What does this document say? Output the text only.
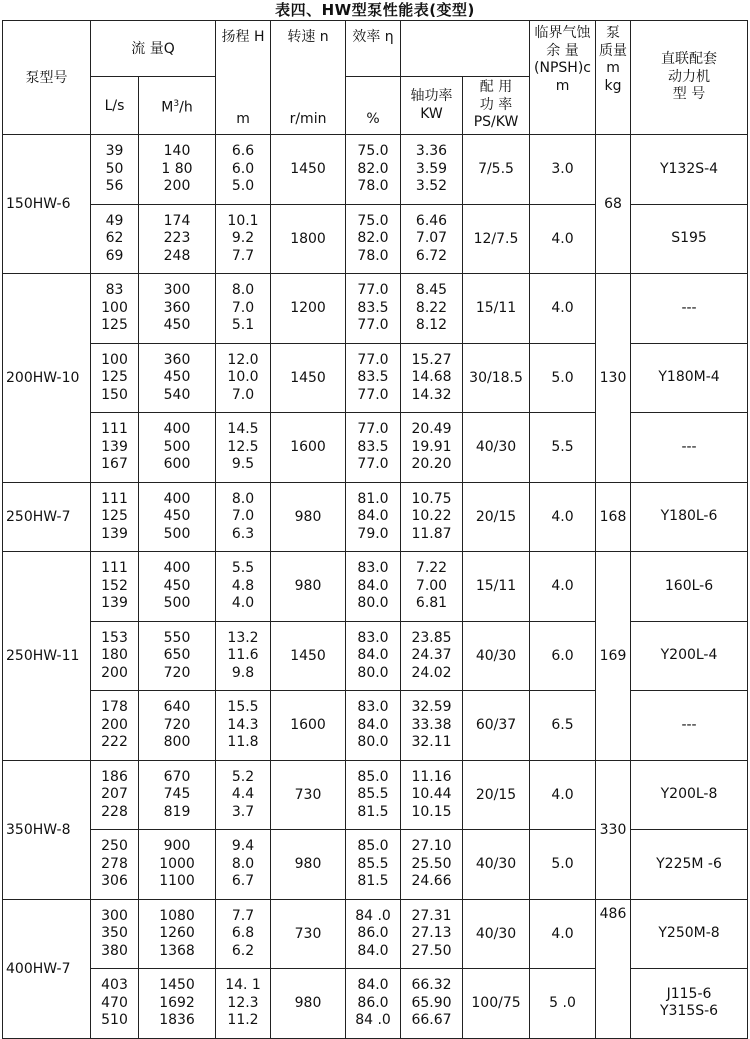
表四、HW型泵性能表(变型)
泵型号	流 量Q		扬程 H
m	转速 n
r/min	效率 η			临界气蚀
余 量
(NPSH)c
m	泵
质量
m
kg	直联配套
动力机
型 号

	L/s	$M^3/h$			%	轴功率
KW	配 用
功 率
PS/KW			

150HW-6	39
50
56	140
1 80
200	6.6
6.0
5.0	1450	75.0
82.0
78.0	3.36
3.59
3.52	7/5.5	3.0	68	Y132S-4

	49
62
69	174
223
248	10.1
9.2
7.7	1800	75.0
82.0
78.0	6.46
7.07
6.72	12/7.5	4.0		S195

200HW-10	83
100
125	300
360
450	8.0
7.0
5.1	1200	77.0
83.5
77.0	8.45
8.22
8.12	15/11	4.0	130	---

	100
125
150	360
450
540	12.0
10.0
7.0	1450	77.0
83.5
77.0	15.27
14.68
14.32	30/18.5	5.0		Y180M-4

	111
139
167	400
500
600	14.5
12.5
9.5	1600	77.0
83.5
77.0	20.49
19.91
20.20	40/30	5.5		---

250HW-7	111
125
139	400
450
500	8.0
7.0
6.3	980	81.0
84.0
79.0	10.75
10.22
11.87	20/15	4.0	168	Y180L-6

250HW-11	111
152
139	400
450
500	5.5
4.8
4.0	980	83.0
84.0
80.0	7.22
7.00
6.81	15/11	4.0	169	160L-6

	153
180
200	550
650
720	13.2
11.6
9.8	1450	83.0
84.0
80.0	23.85
24.37
24.02	40/30	6.0		Y200L-4

	178
200
222	640
720
800	15.5
14.3
11.8	1600	83.0
84.0
80.0	32.59
33.38
32.11	60/37	6.5		---

350HW-8	186
207
228	670
745
819	5.2
4.4
3.7	730	85.0
85.5
81.5	11.16
10.44
10.15	20/15	4.0	330	Y200L-8

	250
278
306	900
1000
1100	9.4
8.0
6.7	980	85.0
85.5
81.5	27.10
25.50
24.66	40/30	5.0		Y225M -6

400HW-7	300
350
380	1080
1260
1368	7.7
6.8
6.2	730	84 .0
86.0
84.0	27.31
27.13
27.50	40/30	4.0	486	Y250M-8

	403
470
510	1450
1692
1836	14. 1
12.3
11.2	980	84.0
86.0
84 .0	66.32
65.90
66.67	100/75	5 .0		J115-6
Y315S-6
